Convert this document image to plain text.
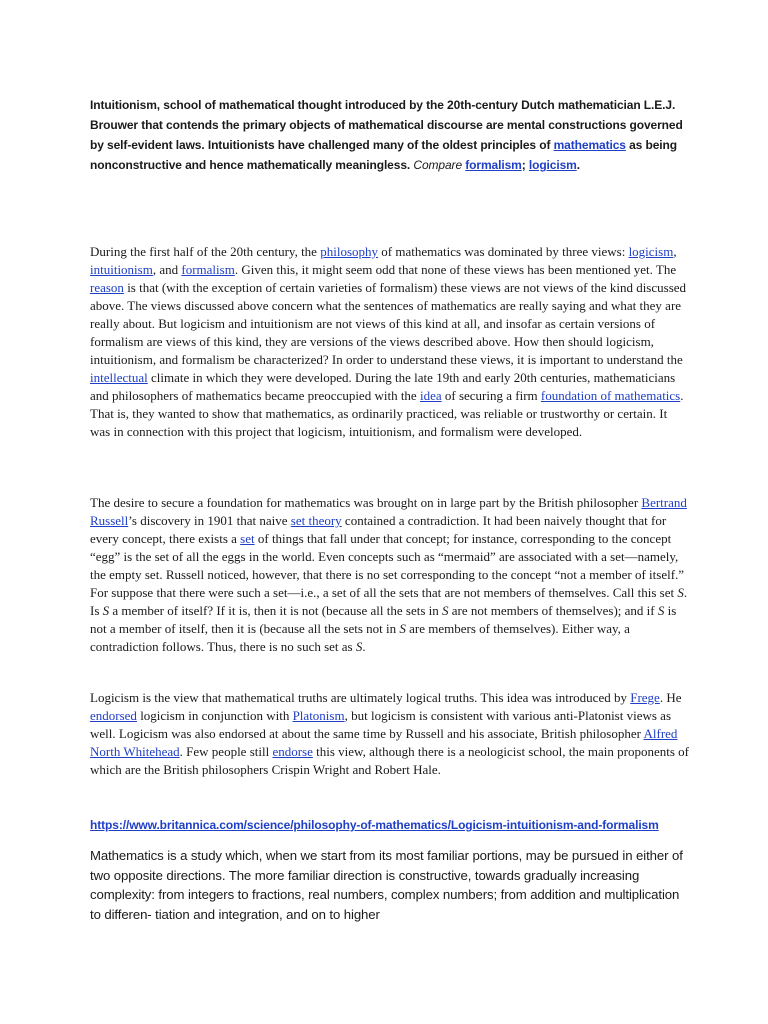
Intuitionism, school of mathematical thought introduced by the 20th-century Dutch mathematician L.E.J. Brouwer that contends the primary objects of mathematical discourse are mental constructions governed by self-evident laws. Intuitionists have challenged many of the oldest principles of mathematics as being nonconstructive and hence mathematically meaningless. Compare formalism; logicism.

During the first half of the 20th century, the philosophy of mathematics was dominated by three views: logicism, intuitionism, and formalism. Given this, it might seem odd that none of these views has been mentioned yet. The reason is that (with the exception of certain varieties of formalism) these views are not views of the kind discussed above. The views discussed above concern what the sentences of mathematics are really saying and what they are really about. But logicism and intuitionism are not views of this kind at all, and insofar as certain versions of formalism are views of this kind, they are versions of the views described above. How then should logicism, intuitionism, and formalism be characterized? In order to understand these views, it is important to understand the intellectual climate in which they were developed. During the late 19th and early 20th centuries, mathematicians and philosophers of mathematics became preoccupied with the idea of securing a firm foundation of mathematics. That is, they wanted to show that mathematics, as ordinarily practiced, was reliable or trustworthy or certain. It was in connection with this project that logicism, intuitionism, and formalism were developed.

The desire to secure a foundation for mathematics was brought on in large part by the British philosopher Bertrand Russell’s discovery in 1901 that naive set theory contained a contradiction. It had been naively thought that for every concept, there exists a set of things that fall under that concept; for instance, corresponding to the concept “egg” is the set of all the eggs in the world. Even concepts such as “mermaid” are associated with a set—namely, the empty set. Russell noticed, however, that there is no set corresponding to the concept “not a member of itself.” For suppose that there were such a set—i.e., a set of all the sets that are not members of themselves. Call this set S. Is S a member of itself? If it is, then it is not (because all the sets in S are not members of themselves); and if S is not a member of itself, then it is (because all the sets not in S are members of themselves). Either way, a contradiction follows. Thus, there is no such set as S.

Logicism is the view that mathematical truths are ultimately logical truths. This idea was introduced by Frege. He endorsed logicism in conjunction with Platonism, but logicism is consistent with various anti-Platonist views as well. Logicism was also endorsed at about the same time by Russell and his associate, British philosopher Alfred North Whitehead. Few people still endorse this view, although there is a neologicist school, the main proponents of which are the British philosophers Crispin Wright and Robert Hale.

https://www.britannica.com/science/philosophy-of-mathematics/Logicism-intuitionism-and-formalism

Mathematics is a study which, when we start from its most familiar portions, may be pursued in either of two opposite directions. The more familiar direction is constructive, towards gradually increasing complexity: from integers to fractions, real numbers, complex numbers; from addition and multiplication to differen- tiation and integration, and on to higher
